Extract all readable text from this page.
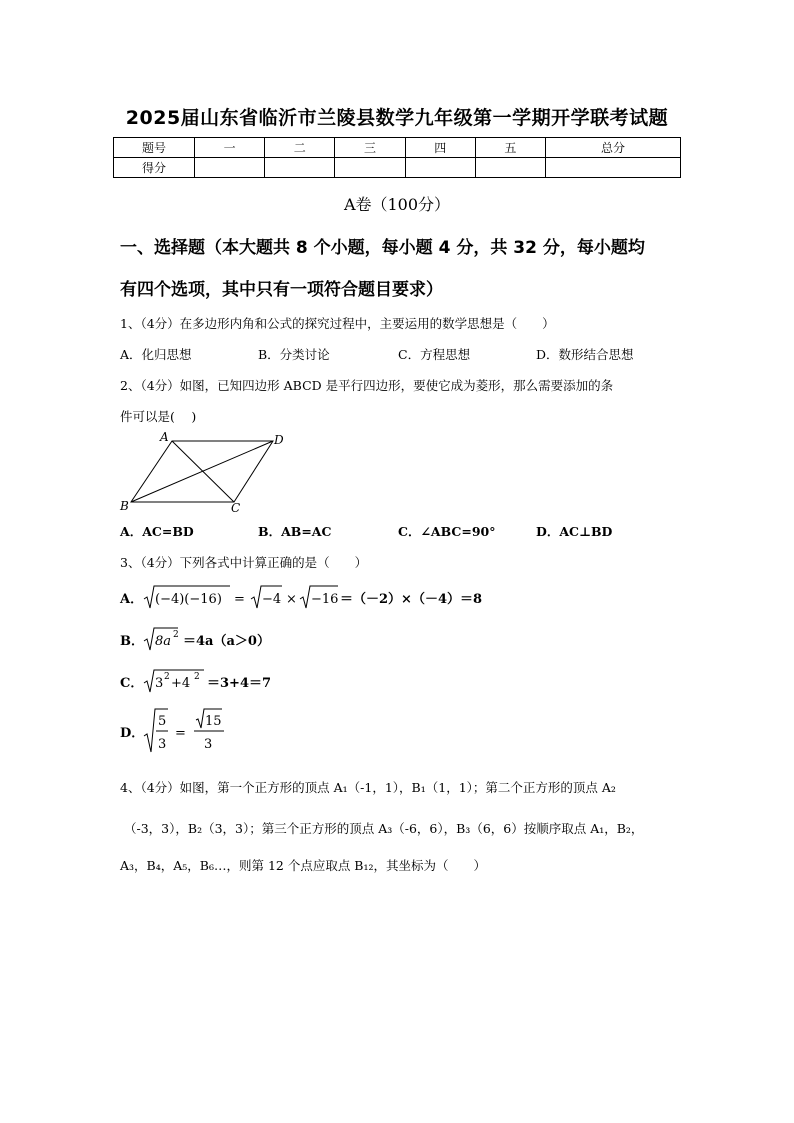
2025届山东省临沂市兰陵县数学九年级第一学期开学联考试题
题号	一	二	三	四	五	总分
得分						
A卷（100分）
一、选择题（本大题共 8 个小题，每小题 4 分，共 32 分，每小题均
有四个选项，其中只有一项符合题目要求）
1、（4分）在多边形内角和公式的探究过程中，主要运用的数学思想是（　　）
A．化归思想	B．分类讨论	C．方程思想	D．数形结合思想
2、（4分）如图，已知四边形 ABCD 是平行四边形，要使它成为菱形，那么需要添加的条
件可以是(　 )
A	D
B	C
A．AC=BD	B．AB=AC	C．∠ABC=90°	D．AC⊥BD
3、（4分）下列各式中计算正确的是（　　）
A． (−4)(−16) = −4 × −16 ＝（－2）×（－4）＝8
B． 8a 2 ＝4a（a＞0）
C． 3 2 +4 2 ＝3+4＝7
D．
5
3
=
15
3
4、（4分）如图，第一个正方形的顶点 A₁（-1，1），B₁（1，1）；第二个正方形的顶点 A₂
（-3，3），B₂（3，3）；第三个正方形的顶点 A₃（-6，6），B₃（6，6）按顺序取点 A₁，B₂，
A₃，B₄，A₅，B₆…，则第 12 个点应取点 B₁₂，其坐标为（　　）
